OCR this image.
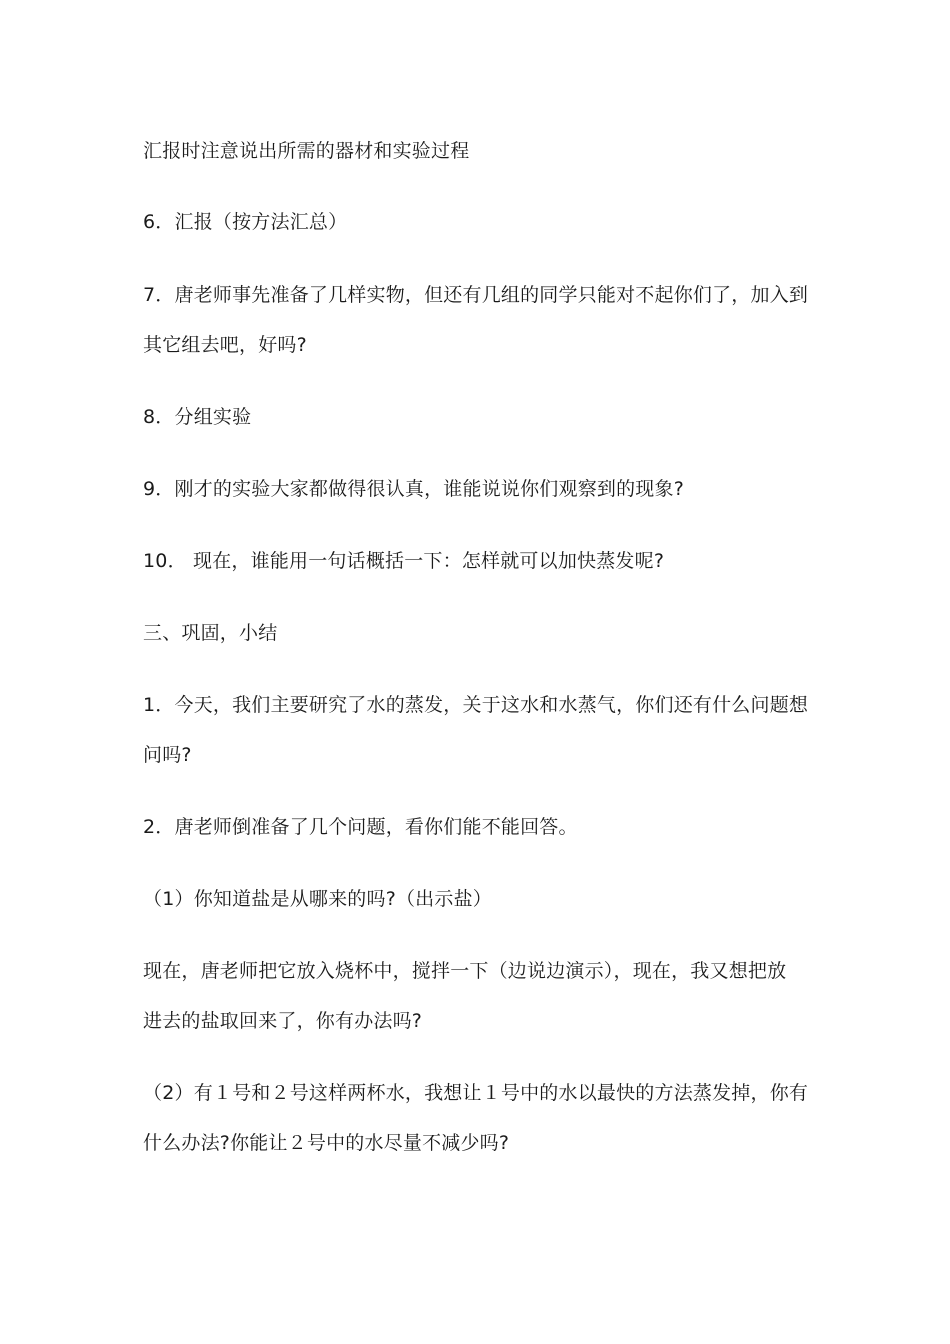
汇报时注意说出所需的器材和实验过程
6．汇报（按方法汇总）
7．唐老师事先准备了几样实物，但还有几组的同学只能对不起你们了，加入到
其它组去吧，好吗?
8．分组实验
9．刚才的实验大家都做得很认真，谁能说说你们观察到的现象?
10． 现在，谁能用一句话概括一下：怎样就可以加快蒸发呢?
三、巩固，小结
1．今天，我们主要研究了水的蒸发，关于这水和水蒸气，你们还有什么问题想
问吗?
2．唐老师倒准备了几个问题，看你们能不能回答。
（1）你知道盐是从哪来的吗?（出示盐）
现在，唐老师把它放入烧杯中，搅拌一下（边说边演示），现在，我又想把放
进去的盐取回来了，你有办法吗?
（2）有１号和２号这样两杯水，我想让１号中的水以最快的方法蒸发掉，你有
什么办法?你能让２号中的水尽量不减少吗?
